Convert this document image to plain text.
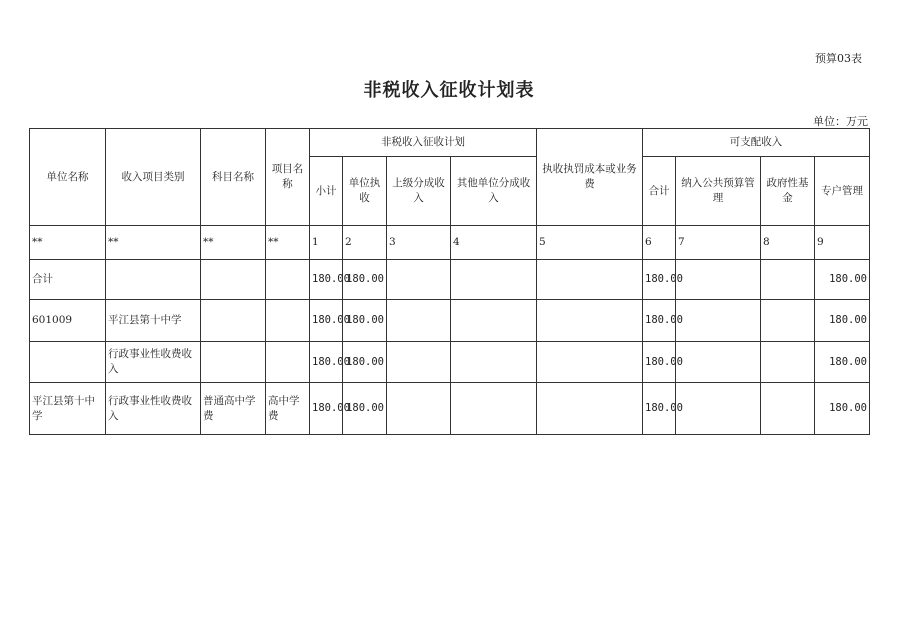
预算03表
非税收入征收计划表
单位：万元
单位名称	收入项目类别	科目名称	项目名称	非税收入征收计划				执收执罚成本或业务费	可支配收入			
				小计	单位执收	上级分成收入	其他单位分成收入		合计	纳入公共预算管理	政府性基金	专户管理
**	**	**	**	1	2	3	4	5	6	7	8	9
合计				180.00	180.00				180.00			180.00
601009	平江县第十中学			180.00	180.00				180.00			180.00
	行政事业性收费收入			180.00	180.00				180.00			180.00
平江县第十中学	行政事业性收费收入	普通高中学费	高中学费	180.00	180.00				180.00			180.00
